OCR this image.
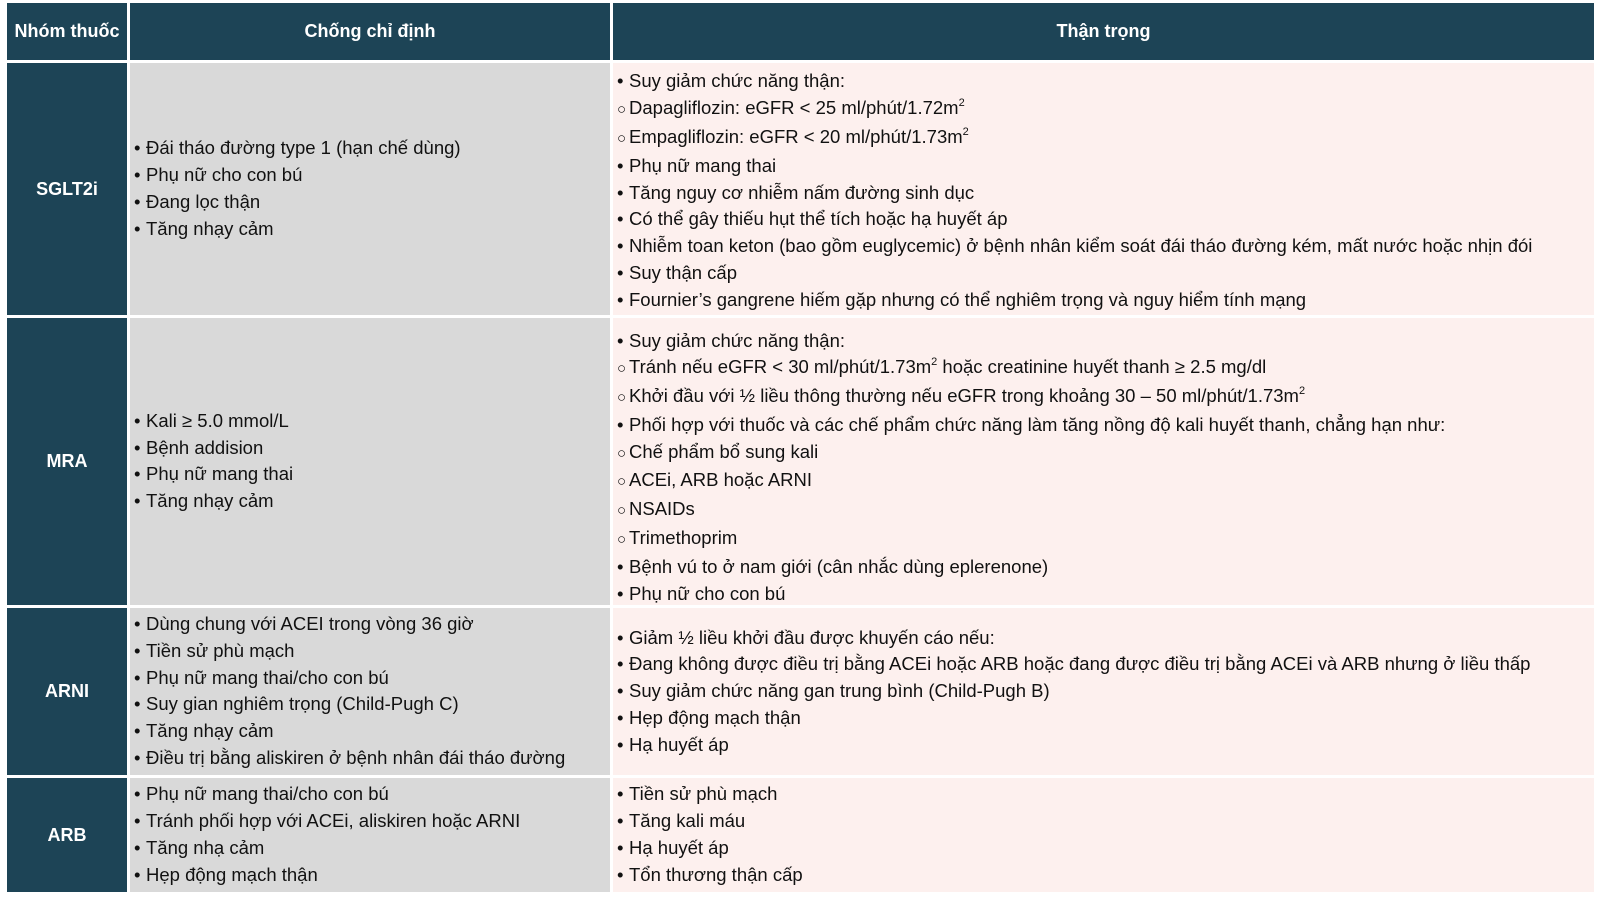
Nhóm thuốc	Chống chỉ định	Thận trọng
SGLT2i
• Đái tháo đường type 1 (hạn chế dùng)
• Phụ nữ cho con bú
• Đang lọc thận
• Tăng nhạy cảm
• Suy giảm chức năng thận:
○ Dapagliflozin: eGFR < 25 $ml/phút/1.72m^2$
○ Empagliflozin: eGFR < 20 $ml/phút/1.73m^2$
• Phụ nữ mang thai
• Tăng nguy cơ nhiễm nấm đường sinh dục
• Có thể gây thiếu hụt thể tích hoặc hạ huyết áp
• Nhiễm toan keton (bao gồm euglycemic) ở bệnh nhân kiểm soát đái tháo đường kém, mất nước hoặc nhịn đói
• Suy thận cấp
• Fournier’s gangrene hiếm gặp nhưng có thể nghiêm trọng và nguy hiểm tính mạng
MRA
• Kali ≥ 5.0 mmol/L
• Bệnh addision
• Phụ nữ mang thai
• Tăng nhạy cảm
• Suy giảm chức năng thận:
○ Tránh nếu eGFR < 30 $ml/phút/1.73m^2$ hoặc creatinine huyết thanh ≥ 2.5 mg/dl
○ Khởi đầu với ½ liều thông thường nếu eGFR trong khoảng 30 – 50 $ml/phút/1.73m^2$
• Phối hợp với thuốc và các chế phẩm chức năng làm tăng nồng độ kali huyết thanh, chẳng hạn như:
○ Chế phẩm bổ sung kali
○ ACEi, ARB hoặc ARNI
○ NSAIDs
○ Trimethoprim
• Bệnh vú to ở nam giới (cân nhắc dùng eplerenone)
• Phụ nữ cho con bú
ARNI
• Dùng chung với ACEI trong vòng 36 giờ
• Tiền sử phù mạch
• Phụ nữ mang thai/cho con bú
• Suy gian nghiêm trọng (Child-Pugh C)
• Tăng nhạy cảm
• Điều trị bằng aliskiren ở bệnh nhân đái tháo đường
• Giảm ½ liều khởi đầu được khuyến cáo nếu:
• Đang không được điều trị bằng ACEi hoặc ARB hoặc đang được điều trị bằng ACEi và ARB nhưng ở liều thấp
• Suy giảm chức năng gan trung bình (Child-Pugh B)
• Hẹp động mạch thận
• Hạ huyết áp
ARB
• Phụ nữ mang thai/cho con bú
• Tránh phối hợp với ACEi, aliskiren hoặc ARNI
• Tăng nhạ cảm
• Hẹp động mạch thận
• Tiền sử phù mạch
• Tăng kali máu
• Hạ huyết áp
• Tổn thương thận cấp
